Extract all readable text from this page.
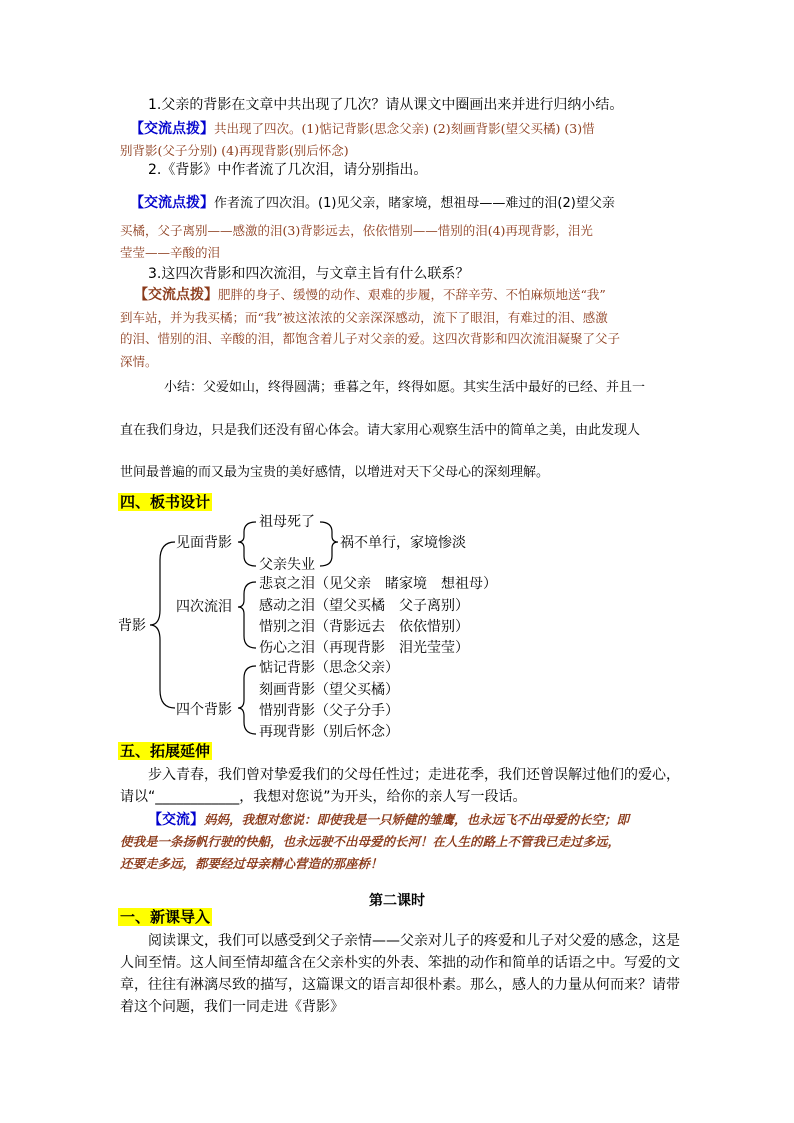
1.父亲的背影在文章中共出现了几次？请从课文中圈画出来并进行归纳小结。
【交流点拨】共出现了四次。(1)惦记背影(思念父亲) (2)刻画背影(望父买橘) (3)惜
别背影(父子分别) (4)再现背影(别后怀念)
2.《背影》中作者流了几次泪，请分别指出。
【交流点拨】作者流了四次泪。(1)见父亲，睹家境，想祖母——难过的泪(2)望父亲
买橘，父子离别——感激的泪(3)背影远去，依依惜别——惜别的泪(4)再现背影，泪光
莹莹——辛酸的泪
3.这四次背影和四次流泪，与文章主旨有什么联系？
【交流点拨】肥胖的身子、缓慢的动作、艰难的步履，不辞辛劳、不怕麻烦地送“我”
到车站，并为我买橘；而“我”被这浓浓的父亲深深感动，流下了眼泪，有难过的泪、感激
的泪、惜别的泪、辛酸的泪，都饱含着儿子对父亲的爱。这四次背影和四次流泪凝聚了父子
深情。
小结：父爱如山，终得圆满；垂暮之年，终得如愿。其实生活中最好的已经、并且一
直在我们身边，只是我们还没有留心体会。请大家用心观察生活中的简单之美，由此发现人
世间最普遍的而又最为宝贵的美好感情，以增进对天下父母心的深刻理解。
四、板书设计
背影
见面背影
祖母死了
父亲失业
祸不单行，家境惨淡
四次流泪
悲哀之泪（见父亲　睹家境　想祖母）
感动之泪（望父买橘　父子离别）
惜别之泪（背影远去　依依惜别）
伤心之泪（再现背影　泪光莹莹）
四个背影
惦记背影（思念父亲）
刻画背影（望父买橘）
惜别背影（父子分手）
再现背影（别后怀念）
五、拓展延伸
步入青春，我们曾对挚爱我们的父母任性过；走进花季，我们还曾误解过他们的爱心，
请以“____________，我想对您说”为开头，给你的亲人写一段话。
【交流】妈妈，我想对您说：即使我是一只矫健的雏鹰，也永远飞不出母爱的长空；即
使我是一条扬帆行驶的快船，也永远驶不出母爱的长河！在人生的路上不管我已走过多远，
还要走多远，都要经过母亲精心营造的那座桥！
第二课时
一、新课导入
阅读课文，我们可以感受到父子亲情——父亲对儿子的疼爱和儿子对父爱的感念，这是
人间至情。这人间至情却蕴含在父亲朴实的外表、笨拙的动作和简单的话语之中。写爱的文
章，往往有淋漓尽致的描写，这篇课文的语言却很朴素。那么，感人的力量从何而来？请带
着这个问题，我们一同走进《背影》
